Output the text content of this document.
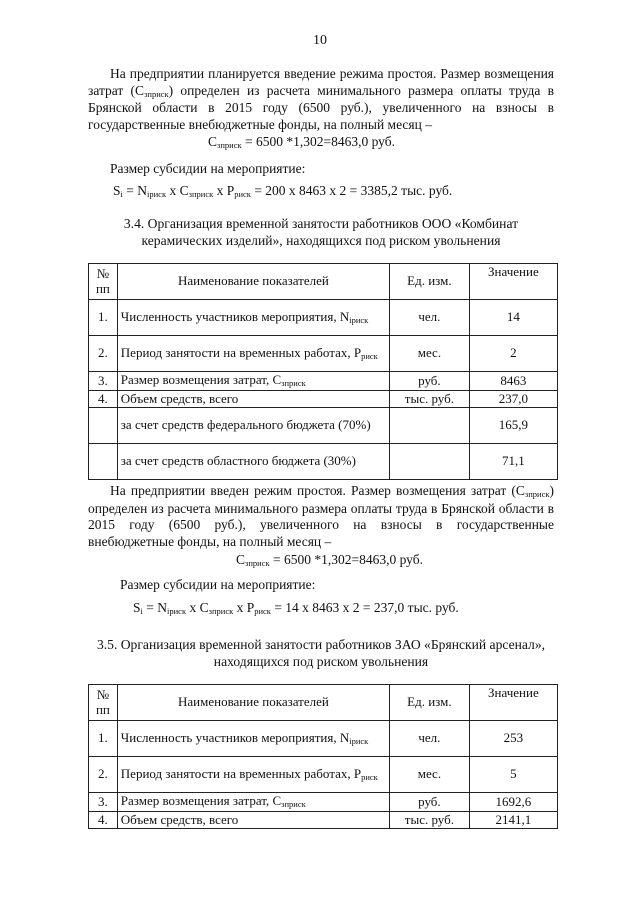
10

На предприятии планируется введение режима простоя. Размер возмещения затрат (Сзприск) определен из расчета минимального размера оплаты труда в Брянской области в 2015 году (6500 руб.), увеличенного на взносы в государственные внебюджетные фонды, на полный месяц –

Сзприск = 6500 *1,302=8463,0 руб.
Размер субсидии на мероприятие:
Si = Niриск х Сзприск х Рриск = 200 х 8463 х 2 = 3385,2 тыс. руб.
3.4. Организация временной занятости работников ООО «Комбинат керамических изделий», находящихся под риском увольнения
№ пп	Наименование показателей	Ед. изм.	Значение
1.	Численность участников мероприятия, Niриск	чел.	14
2.	Период занятости на временных работах, Рриск	мес.	2
3.	Размер возмещения затрат, Сзприск	руб.	8463
4.	Объем средств, всего	тыс. руб.	237,0
	за счет средств федерального бюджета (70%)		165,9
	за счет средств областного бюджета (30%)		71,1

На предприятии введен режим простоя. Размер возмещения затрат (Сзприск) определен из расчета минимального размера оплаты труда в Брянской области в 2015 году (6500 руб.), увеличенного на взносы в государственные внебюджетные фонды, на полный месяц –

Сзприск = 6500 *1,302=8463,0 руб.
Размер субсидии на мероприятие:
Si = Niриск х Сзприск х Рриск = 14 х 8463 х 2 = 237,0 тыс. руб.
3.5. Организация временной занятости работников ЗАО «Брянский арсенал», находящихся под риском увольнения
№ пп	Наименование показателей	Ед. изм.	Значение
1.	Численность участников мероприятия, Niриск	чел.	253
2.	Период занятости на временных работах, Рриск	мес.	5
3.	Размер возмещения затрат, Сзприск	руб.	1692,6
4.	Объем средств, всего	тыс. руб.	2141,1
